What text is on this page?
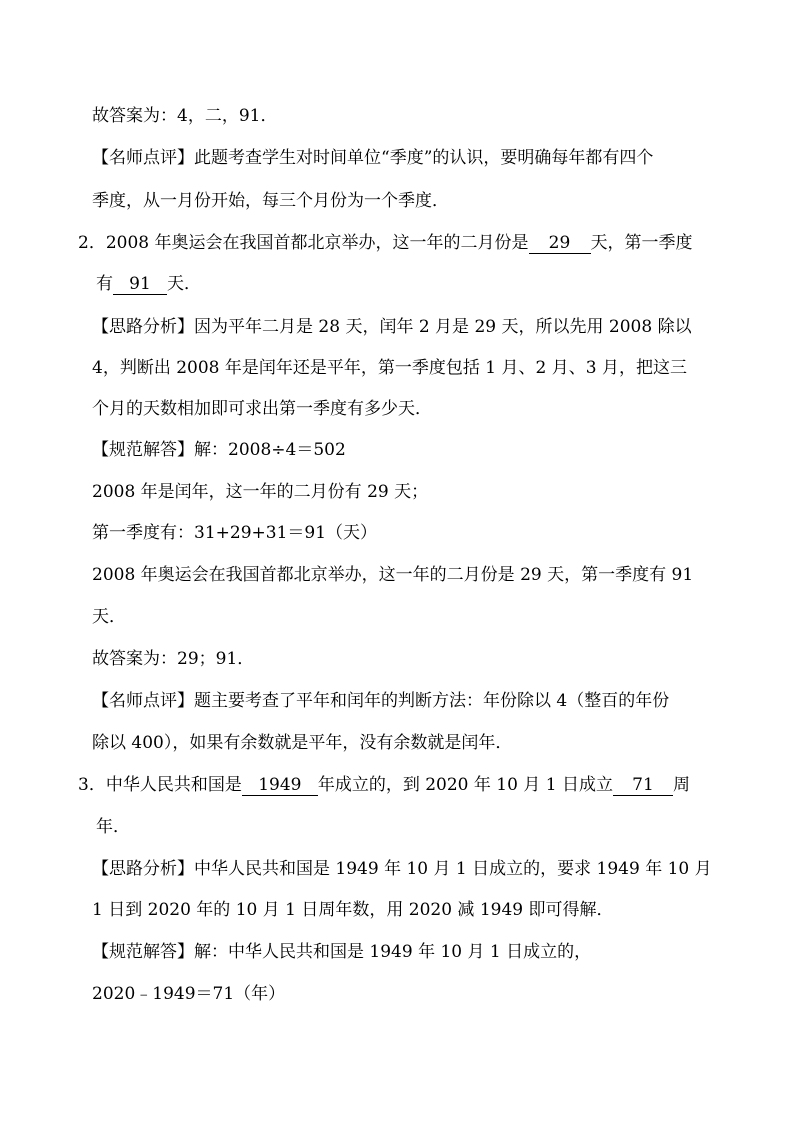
故答案为：4，二，91．
【名师点评】此题考查学生对时间单位“季度”的认识，要明确每年都有四个
季度，从一月份开始，每三个月份为一个季度．
2．2008 年奥运会在我国首都北京举办，这一年的二月份是 29 天，第一季度
有 91 天．
【思路分析】因为平年二月是 28 天，闰年 2 月是 29 天，所以先用 2008 除以
4，判断出 2008 年是闰年还是平年，第一季度包括 1 月、2 月、3 月，把这三
个月的天数相加即可求出第一季度有多少天．
【规范解答】解：2008÷4＝502
2008 年是闰年，这一年的二月份有 29 天；
第一季度有：31+29+31＝91（天）
2008 年奥运会在我国首都北京举办，这一年的二月份是 29 天，第一季度有 91
天．
故答案为：29；91．
【名师点评】题主要考查了平年和闰年的判断方法：年份除以 4（整百的年份
除以 400），如果有余数就是平年，没有余数就是闰年．
3．中华人民共和国是 1949 年成立的，到 2020 年 10 月 1 日成立 71 周
年．
【思路分析】中华人民共和国是 1949 年 10 月 1 日成立的，要求 1949 年 10 月
1 日到 2020 年的 10 月 1 日周年数，用 2020 减 1949 即可得解．
【规范解答】解：中华人民共和国是 1949 年 10 月 1 日成立的，
2020﹣1949＝71（年）
